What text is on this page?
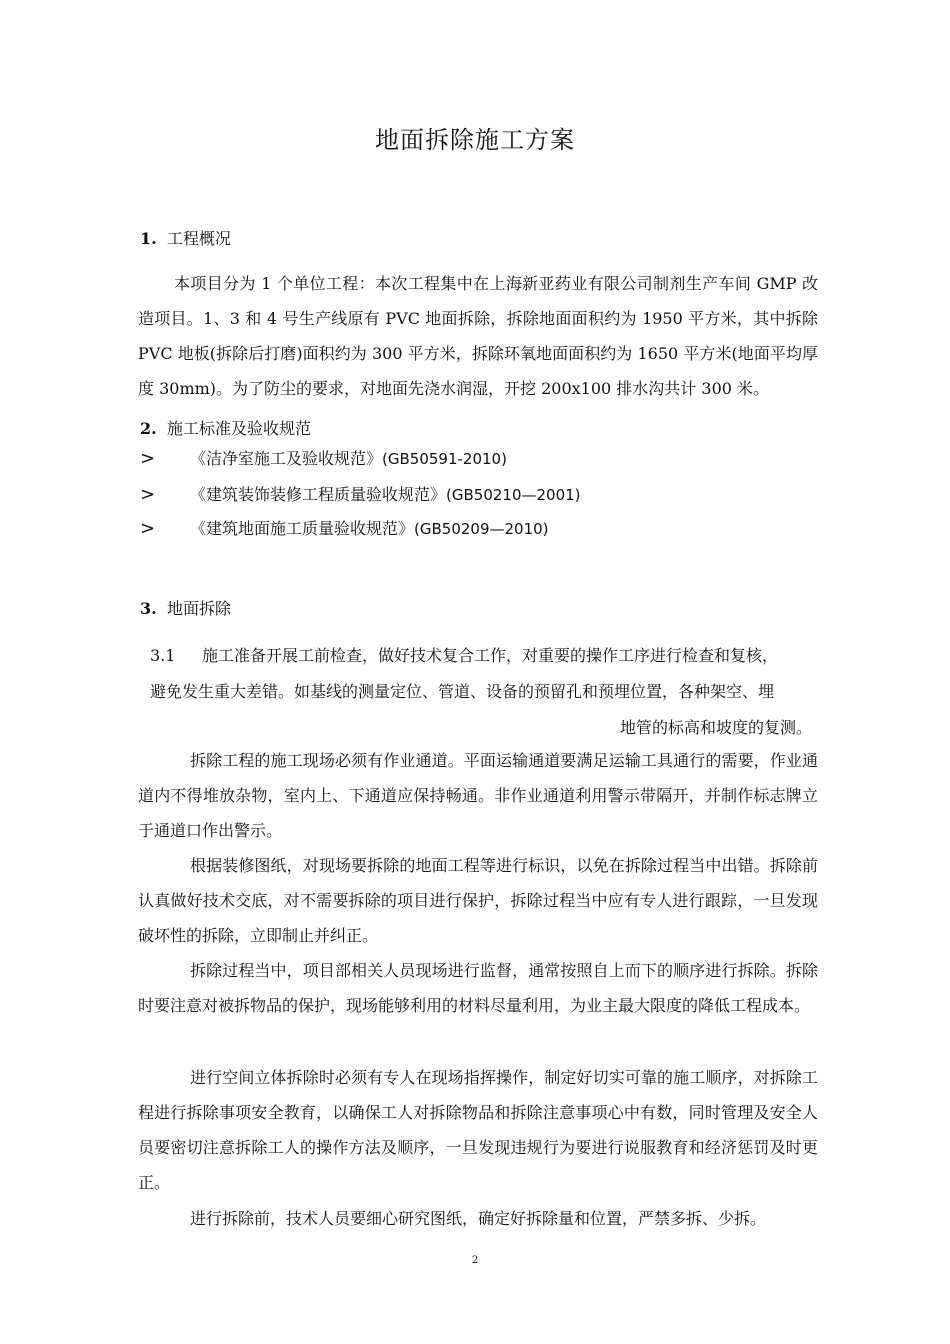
地面拆除施工方案
1. 工程概况
本项目分为 1 个单位工程：本次工程集中在上海新亚药业有限公司制剂生产车间 GMP 改造项目。1、3 和 4 号生产线原有 PVC 地面拆除，拆除地面面积约为 1950 平方米，其中拆除 PVC 地板(拆除后打磨)面积约为 300 平方米，拆除环氧地面面积约为 1650 平方米(地面平均厚度 30mm)。为了防尘的要求，对地面先浇水润湿，开挖 200x100 排水沟共计 300 米。
2. 施工标准及验收规范
> 《洁净室施工及验收规范》(GB50591-2010)
> 《建筑装饰装修工程质量验收规范》(GB50210—2001)
> 《建筑地面施工质量验收规范》(GB50209—2010)
3. 地面拆除
3.1 施工准备开展工前检查，做好技术复合工作，对重要的操作工序进行检查和复核，
避免发生重大差错。如基线的测量定位、管道、设备的预留孔和预埋位置，各种架空、埋
地管的标高和坡度的复测。
拆除工程的施工现场必须有作业通道。平面运输通道要满足运输工具通行的需要，作业通道内不得堆放杂物，室内上、下通道应保持畅通。非作业通道利用警示带隔开，并制作标志牌立于通道口作出警示。
根据装修图纸，对现场要拆除的地面工程等进行标识，以免在拆除过程当中出错。拆除前认真做好技术交底，对不需要拆除的项目进行保护，拆除过程当中应有专人进行跟踪，一旦发现破坏性的拆除，立即制止并纠正。
拆除过程当中，项目部相关人员现场进行监督，通常按照自上而下的顺序进行拆除。拆除时要注意对被拆物品的保护，现场能够利用的材料尽量利用，为业主最大限度的降低工程成本。
进行空间立体拆除时必须有专人在现场指挥操作，制定好切实可靠的施工顺序，对拆除工程进行拆除事项安全教育，以确保工人对拆除物品和拆除注意事项心中有数，同时管理及安全人员要密切注意拆除工人的操作方法及顺序，一旦发现违规行为要进行说服教育和经济惩罚及时更正。
进行拆除前，技术人员要细心研究图纸，确定好拆除量和位置，严禁多拆、少拆。
2
